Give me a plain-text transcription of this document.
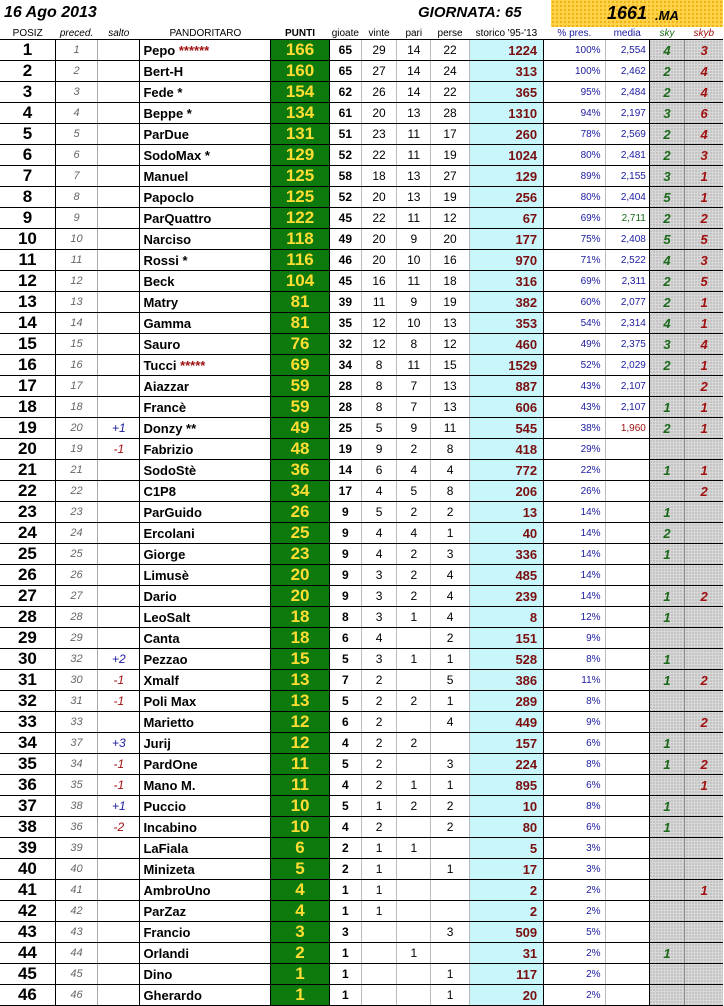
16 Ago 2013	GIORNATA: 65	1661 .MA
POSIZ	preced.	salto	PANDORITARO	PUNTI	gioate	vinte	pari	perse	storico '95-'13	% pres.	media	sky	skyb
1	1		Pepo ******	166	65	29	14	22	1224	100%	2,554	4	3
2	2		Bert-H	160	65	27	14	24	313	100%	2,462	2	4
3	3		Fede *	154	62	26	14	22	365	95%	2,484	2	4
4	4		Beppe *	134	61	20	13	28	1310	94%	2,197	3	6
5	5		ParDue	131	51	23	11	17	260	78%	2,569	2	4
6	6		SodoMax *	129	52	22	11	19	1024	80%	2,481	2	3
7	7		Manuel	125	58	18	13	27	129	89%	2,155	3	1
8	8		Papoclo	125	52	20	13	19	256	80%	2,404	5	1
9	9		ParQuattro	122	45	22	11	12	67	69%	2,711	2	2
10	10		Narciso	118	49	20	9	20	177	75%	2,408	5	5
11	11		Rossi *	116	46	20	10	16	970	71%	2,522	4	3
12	12		Beck	104	45	16	11	18	316	69%	2,311	2	5
13	13		Matry	81	39	11	9	19	382	60%	2,077	2	1
14	14		Gamma	81	35	12	10	13	353	54%	2,314	4	1
15	15		Sauro	76	32	12	8	12	460	49%	2,375	3	4
16	16		Tucci *****	69	34	8	11	15	1529	52%	2,029	2	1
17	17		Aiazzar	59	28	8	7	13	887	43%	2,107		2
18	18		Francè	59	28	8	7	13	606	43%	2,107	1	1
19	20	+1	Donzy **	49	25	5	9	11	545	38%	1,960	2	1
20	19	-1	Fabrizio	48	19	9	2	8	418	29%			
21	21		SodoStè	36	14	6	4	4	772	22%		1	1
22	22		C1P8	34	17	4	5	8	206	26%			2
23	23		ParGuido	26	9	5	2	2	13	14%		1	
24	24		Ercolani	25	9	4	4	1	40	14%		2	
25	25		Giorge	23	9	4	2	3	336	14%		1	
26	26		Limusè	20	9	3	2	4	485	14%			
27	27		Dario	20	9	3	2	4	239	14%		1	2
28	28		LeoSalt	18	8	3	1	4	8	12%		1	
29	29		Canta	18	6	4		2	151	9%			
30	32	+2	Pezzao	15	5	3	1	1	528	8%		1	
31	30	-1	Xmalf	13	7	2		5	386	11%		1	2
32	31	-1	Poli Max	13	5	2	2	1	289	8%			
33	33		Marietto	12	6	2		4	449	9%			2
34	37	+3	Jurij	12	4	2	2		157	6%		1	
35	34	-1	PardOne	11	5	2		3	224	8%		1	2
36	35	-1	Mano M.	11	4	2	1	1	895	6%			1
37	38	+1	Puccio	10	5	1	2	2	10	8%		1	
38	36	-2	Incabino	10	4	2		2	80	6%		1	
39	39		LaFiala	6	2	1	1		5	3%			
40	40		Minizeta	5	2	1		1	17	3%			
41	41		AmbroUno	4	1	1			2	2%			1
42	42		ParZaz	4	1	1			2	2%			
43	43		Francio	3	3			3	509	5%			
44	44		Orlandi	2	1		1		31	2%		1	
45	45		Dino	1	1			1	117	2%			
46	46		Gherardo	1	1			1	20	2%			
